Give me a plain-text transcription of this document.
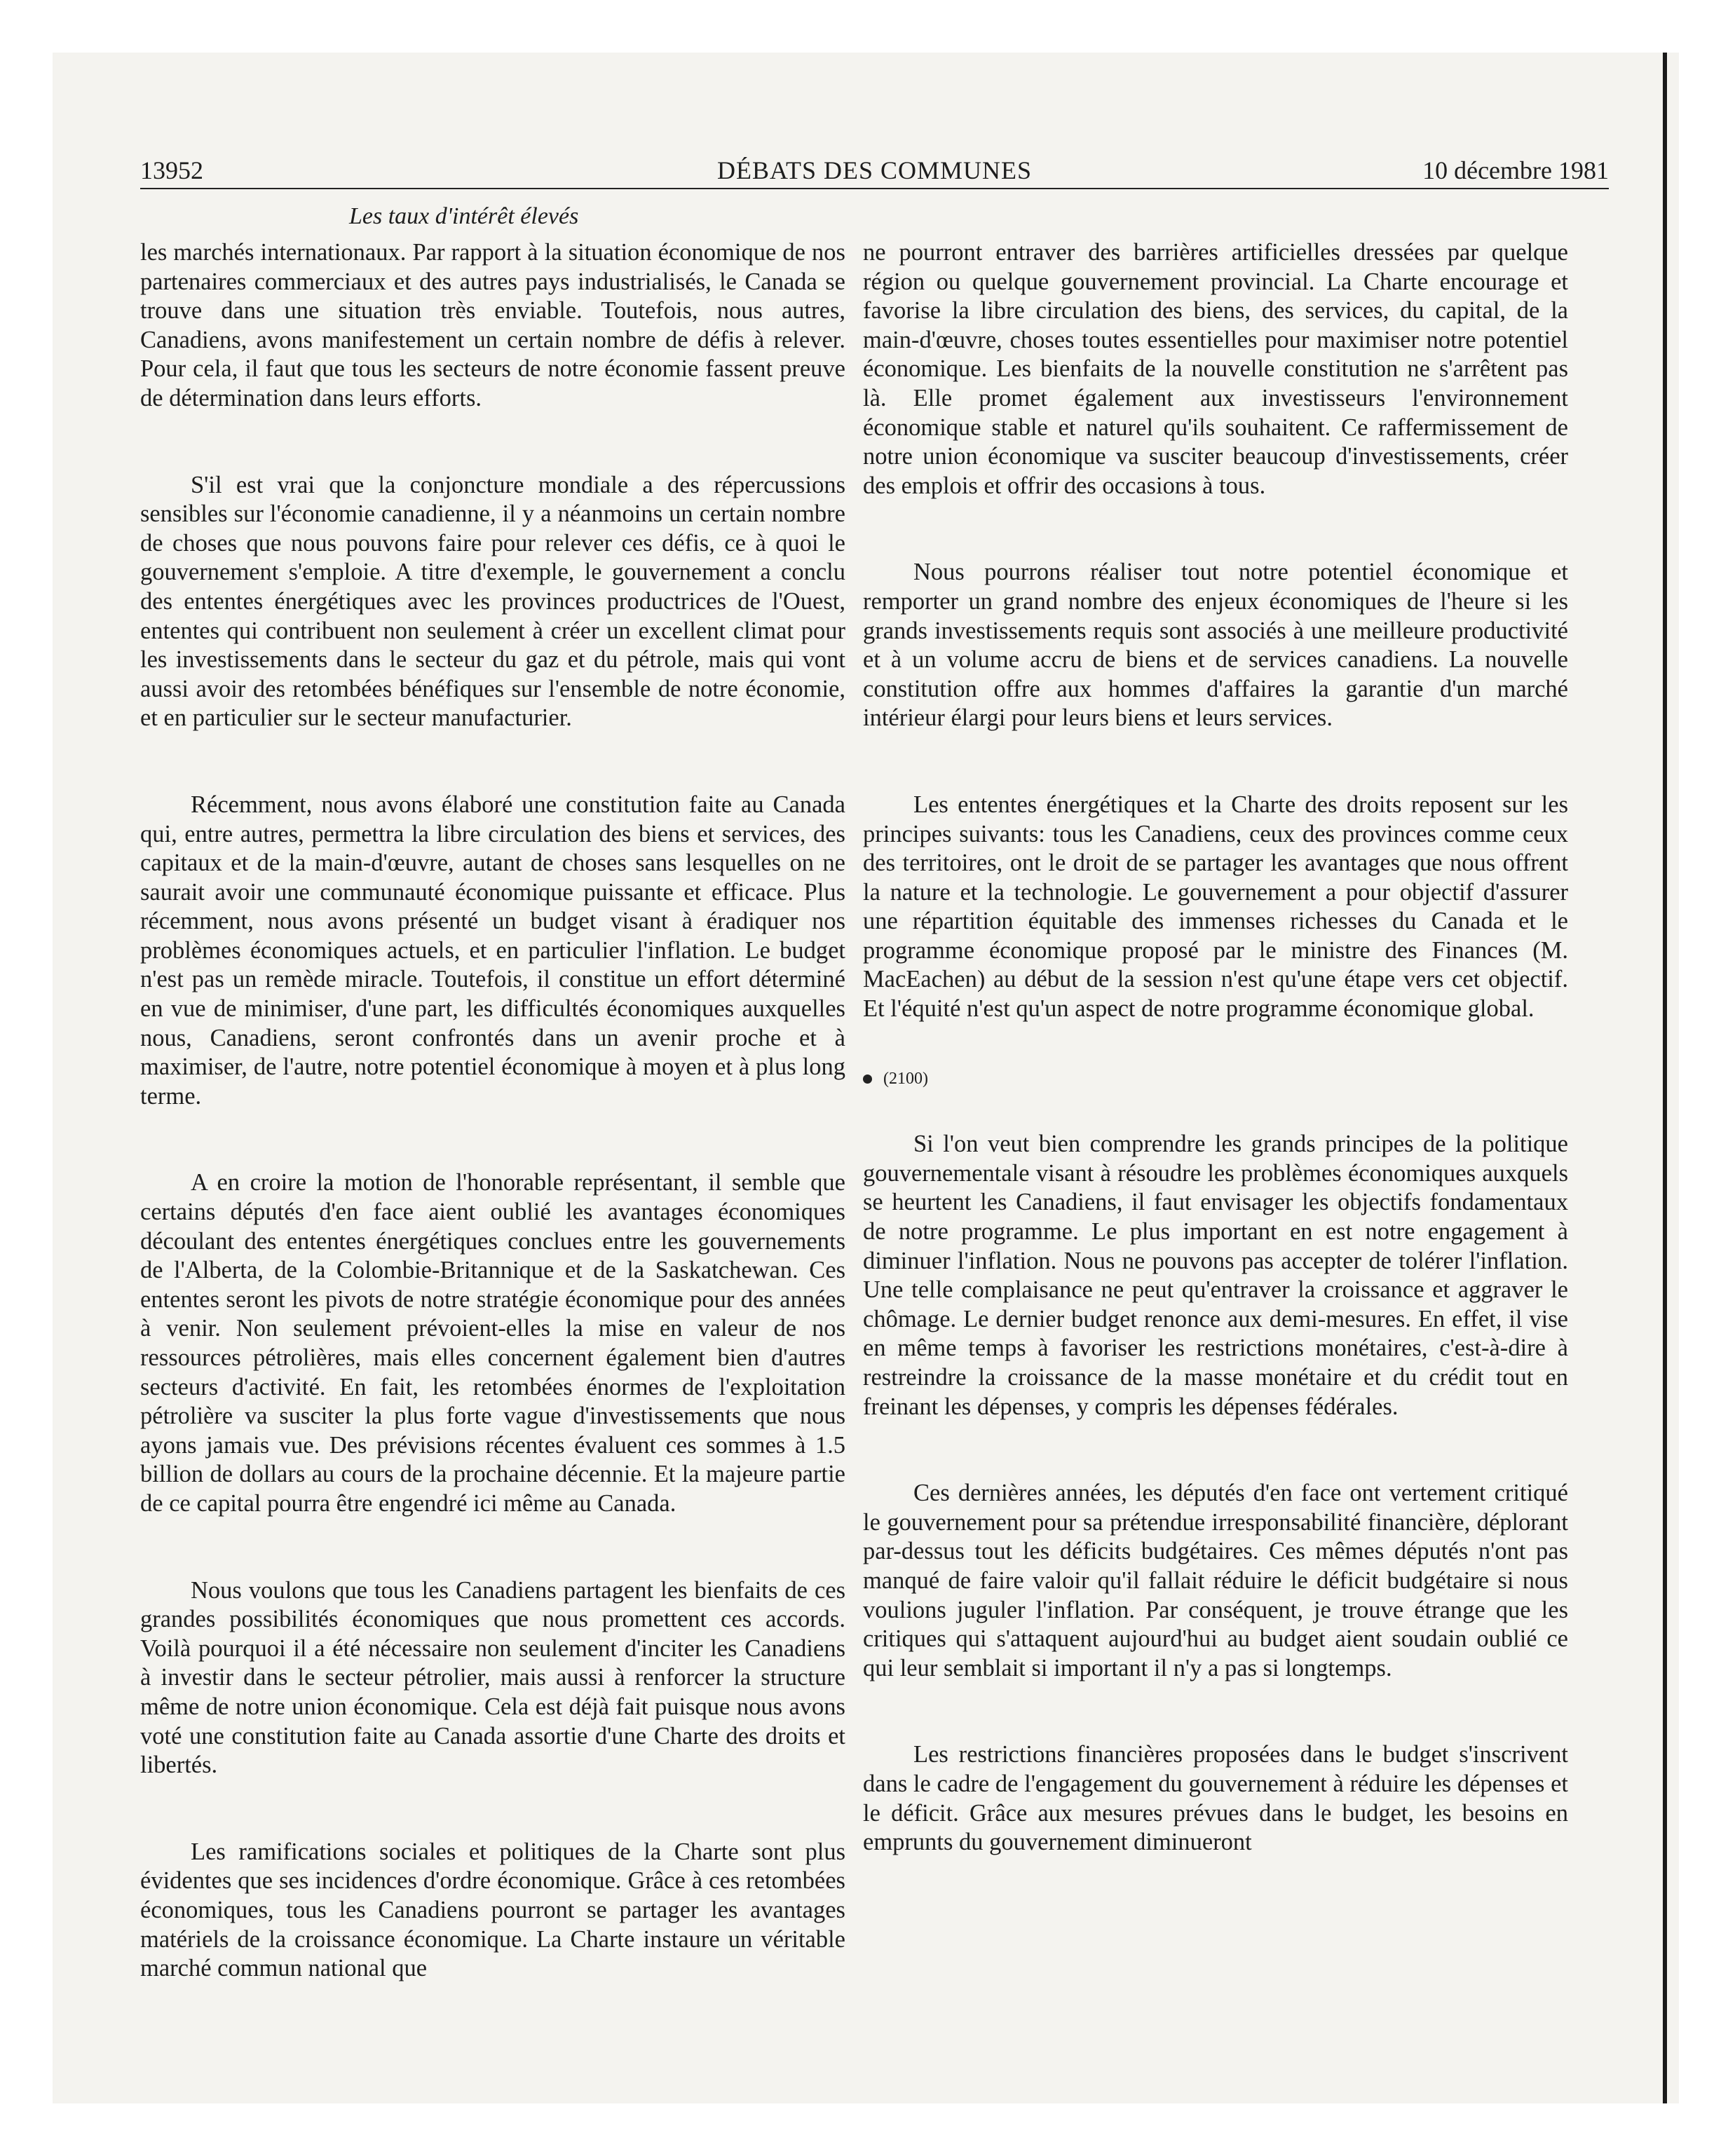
13952	DÉBATS DES COMMUNES	10 décembre 1981
Les taux d'intérêt élevés

les marchés internationaux. Par rapport à la situation économique de nos partenaires commerciaux et des autres pays industrialisés, le Canada se trouve dans une situation très enviable. Toutefois, nous autres, Canadiens, avons manifestement un certain nombre de défis à relever. Pour cela, il faut que tous les secteurs de notre économie fassent preuve de détermination dans leurs efforts.

S'il est vrai que la conjoncture mondiale a des répercussions sensibles sur l'économie canadienne, il y a néanmoins un certain nombre de choses que nous pouvons faire pour relever ces défis, ce à quoi le gouvernement s'emploie. A titre d'exemple, le gouvernement a conclu des ententes énergétiques avec les provinces productrices de l'Ouest, ententes qui contribuent non seulement à créer un excellent climat pour les investissements dans le secteur du gaz et du pétrole, mais qui vont aussi avoir des retombées bénéfiques sur l'ensemble de notre économie, et en particulier sur le secteur manufacturier.

Récemment, nous avons élaboré une constitution faite au Canada qui, entre autres, permettra la libre circulation des biens et services, des capitaux et de la main-d'œuvre, autant de choses sans lesquelles on ne saurait avoir une communauté économique puissante et efficace. Plus récemment, nous avons présenté un budget visant à éradiquer nos problèmes économiques actuels, et en particulier l'inflation. Le budget n'est pas un remède miracle. Toutefois, il constitue un effort déterminé en vue de minimiser, d'une part, les difficultés économiques auxquelles nous, Canadiens, seront confrontés dans un avenir proche et à maximiser, de l'autre, notre potentiel économique à moyen et à plus long terme.

A en croire la motion de l'honorable représentant, il semble que certains députés d'en face aient oublié les avantages économiques découlant des ententes énergétiques conclues entre les gouvernements de l'Alberta, de la Colombie-Britannique et de la Saskatchewan. Ces ententes seront les pivots de notre stratégie économique pour des années à venir. Non seulement prévoient-elles la mise en valeur de nos ressources pétrolières, mais elles concernent également bien d'autres secteurs d'activité. En fait, les retombées énormes de l'exploitation pétrolière va susciter la plus forte vague d'investissements que nous ayons jamais vue. Des prévisions récentes évaluent ces sommes à 1.5 billion de dollars au cours de la prochaine décennie. Et la majeure partie de ce capital pourra être engendré ici même au Canada.

Nous voulons que tous les Canadiens partagent les bienfaits de ces grandes possibilités économiques que nous promettent ces accords. Voilà pourquoi il a été nécessaire non seulement d'inciter les Canadiens à investir dans le secteur pétrolier, mais aussi à renforcer la structure même de notre union économique. Cela est déjà fait puisque nous avons voté une constitution faite au Canada assortie d'une Charte des droits et libertés.

Les ramifications sociales et politiques de la Charte sont plus évidentes que ses incidences d'ordre économique. Grâce à ces retombées économiques, tous les Canadiens pourront se partager les avantages matériels de la croissance économique. La Charte instaure un véritable marché commun national que

ne pourront entraver des barrières artificielles dressées par quelque région ou quelque gouvernement provincial. La Charte encourage et favorise la libre circulation des biens, des services, du capital, de la main-d'œuvre, choses toutes essentielles pour maximiser notre potentiel économique. Les bienfaits de la nouvelle constitution ne s'arrêtent pas là. Elle promet également aux investisseurs l'environnement économique stable et naturel qu'ils souhaitent. Ce raffermissement de notre union économique va susciter beaucoup d'investissements, créer des emplois et offrir des occasions à tous.

Nous pourrons réaliser tout notre potentiel économique et remporter un grand nombre des enjeux économiques de l'heure si les grands investissements requis sont associés à une meilleure productivité et à un volume accru de biens et de services canadiens. La nouvelle constitution offre aux hommes d'affaires la garantie d'un marché intérieur élargi pour leurs biens et leurs services.

Les ententes énergétiques et la Charte des droits reposent sur les principes suivants: tous les Canadiens, ceux des provinces comme ceux des territoires, ont le droit de se partager les avantages que nous offrent la nature et la technologie. Le gouvernement a pour objectif d'assurer une répartition équitable des immenses richesses du Canada et le programme économique proposé par le ministre des Finances (M. MacEachen) au début de la session n'est qu'une étape vers cet objectif. Et l'équité n'est qu'un aspect de notre programme économique global.

(2100)

Si l'on veut bien comprendre les grands principes de la politique gouvernementale visant à résoudre les problèmes économiques auxquels se heurtent les Canadiens, il faut envisager les objectifs fondamentaux de notre programme. Le plus important en est notre engagement à diminuer l'inflation. Nous ne pouvons pas accepter de tolérer l'inflation. Une telle complaisance ne peut qu'entraver la croissance et aggraver le chômage. Le dernier budget renonce aux demi-mesures. En effet, il vise en même temps à favoriser les restrictions monétaires, c'est-à-dire à restreindre la croissance de la masse monétaire et du crédit tout en freinant les dépenses, y compris les dépenses fédérales.

Ces dernières années, les députés d'en face ont vertement critiqué le gouvernement pour sa prétendue irresponsabilité financière, déplorant par-dessus tout les déficits budgétaires. Ces mêmes députés n'ont pas manqué de faire valoir qu'il fallait réduire le déficit budgétaire si nous voulions juguler l'inflation. Par conséquent, je trouve étrange que les critiques qui s'attaquent aujourd'hui au budget aient soudain oublié ce qui leur semblait si important il n'y a pas si longtemps.

Les restrictions financières proposées dans le budget s'inscrivent dans le cadre de l'engagement du gouvernement à réduire les dépenses et le déficit. Grâce aux mesures prévues dans le budget, les besoins en emprunts du gouvernement diminueront
